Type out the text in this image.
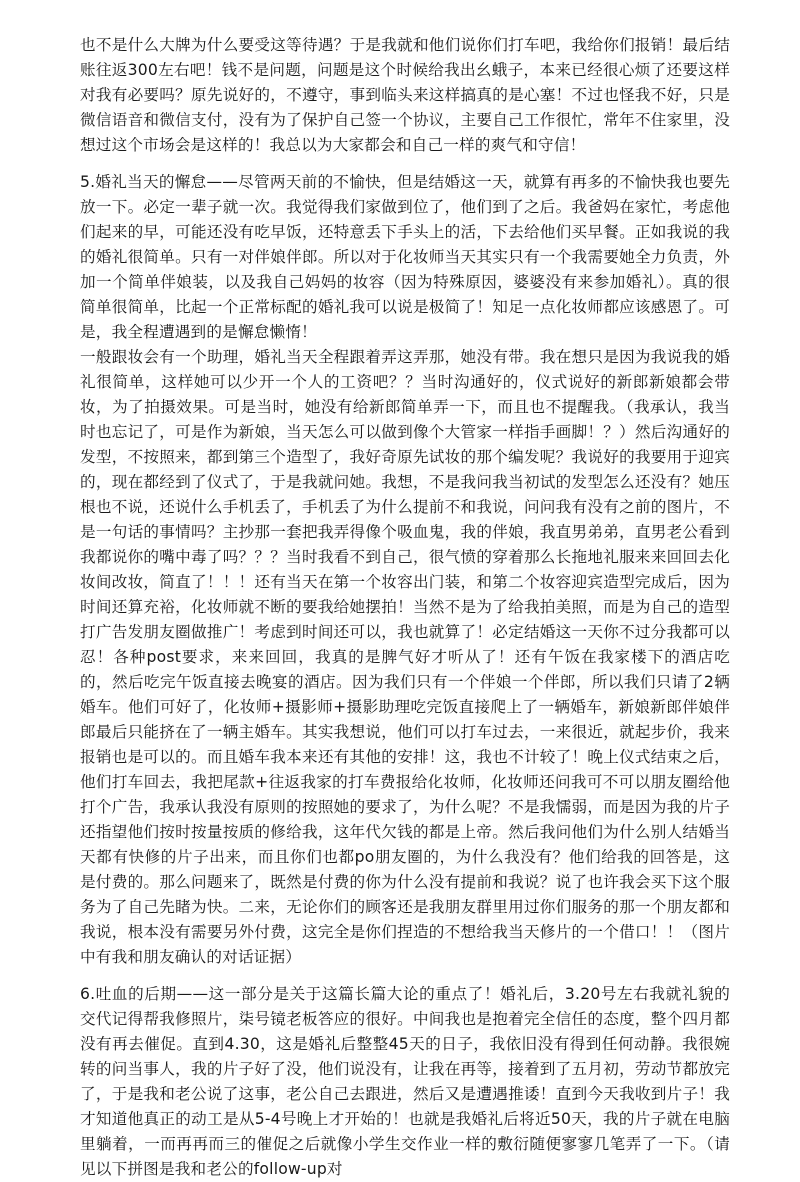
也不是什么大牌为什么要受这等待遇？于是我就和他们说你们打车吧，我给你们报销！最后结账往返300左右吧！钱不是问题，问题是这个时候给我出幺蛾子，本来已经很心烦了还要这样对我有必要吗？原先说好的，不遵守，事到临头来这样搞真的是心塞！不过也怪我不好，只是微信语音和微信支付，没有为了保护自己签一个协议，主要自己工作很忙，常年不住家里，没想过这个市场会是这样的！我总以为大家都会和自己一样的爽气和守信！

5.婚礼当天的懈怠——尽管两天前的不愉快，但是结婚这一天，就算有再多的不愉快我也要先放一下。必定一辈子就一次。我觉得我们家做到位了，他们到了之后。我爸妈在家忙，考虑他们起来的早，可能还没有吃早饭，还特意丢下手头上的活，下去给他们买早餐。正如我说的我的婚礼很简单。只有一对伴娘伴郎。所以对于化妆师当天其实只有一个我需要她全力负责，外加一个简单伴娘装，以及我自己妈妈的妆容（因为特殊原因，婆婆没有来参加婚礼）。真的很简单很简单，比起一个正常标配的婚礼我可以说是极简了！知足一点化妆师都应该感恩了。可是，我全程遭遇到的是懈怠懒惰！

一般跟妆会有一个助理，婚礼当天全程跟着弄这弄那，她没有带。我在想只是因为我说我的婚礼很简单，这样她可以少开一个人的工资吧？？当时沟通好的，仪式说好的新郎新娘都会带妆，为了拍摄效果。可是当时，她没有给新郎简单弄一下，而且也不提醒我。（我承认，我当时也忘记了，可是作为新娘，当天怎么可以做到像个大管家一样指手画脚！？）然后沟通好的发型，不按照来，都到第三个造型了，我好奇原先试妆的那个编发呢？我说好的我要用于迎宾的，现在都经到了仪式了，于是我就问她。我想，不是我问我当初试的发型怎么还没有？她压根也不说，还说什么手机丢了，手机丢了为什么提前不和我说，问问我有没有之前的图片，不是一句话的事情吗？主抄那一套把我弄得像个吸血鬼，我的伴娘，我直男弟弟，直男老公看到我都说你的嘴中毒了吗？？？当时我看不到自己，很气愤的穿着那么长拖地礼服来来回回去化妆间改妆，简直了！！！还有当天在第一个妆容出门装，和第二个妆容迎宾造型完成后，因为时间还算充裕，化妆师就不断的要我给她摆拍！当然不是为了给我拍美照，而是为自己的造型打广告发朋友圈做推广！考虑到时间还可以，我也就算了！必定结婚这一天你不过分我都可以忍！各种post要求，来来回回，我真的是脾气好才听从了！还有午饭在我家楼下的酒店吃的，然后吃完午饭直接去晚宴的酒店。因为我们只有一个伴娘一个伴郎，所以我们只请了2辆婚车。他们可好了，化妆师+摄影师+摄影助理吃完饭直接爬上了一辆婚车，新娘新郎伴娘伴郎最后只能挤在了一辆主婚车。其实我想说，他们可以打车过去，一来很近，就起步价，我来报销也是可以的。而且婚车我本来还有其他的安排！这，我也不计较了！晚上仪式结束之后，他们打车回去，我把尾款+往返我家的打车费报给化妆师，化妆师还问我可不可以朋友圈给他打个广告，我承认我没有原则的按照她的要求了，为什么呢？不是我懦弱，而是因为我的片子还指望他们按时按量按质的修给我，这年代欠钱的都是上帝。然后我问他们为什么别人结婚当天都有快修的片子出来，而且你们也都po朋友圈的，为什么我没有？他们给我的回答是，这是付费的。那么问题来了，既然是付费的你为什么没有提前和我说？说了也许我会买下这个服务为了自己先睹为快。二来，无论你们的顾客还是我朋友群里用过你们服务的那一个朋友都和我说，根本没有需要另外付费，这完全是你们捏造的不想给我当天修片的一个借口！！（图片中有我和朋友确认的对话证据）

6.吐血的后期——这一部分是关于这篇长篇大论的重点了！婚礼后，3.20号左右我就礼貌的交代记得帮我修照片，柒号镜老板答应的很好。中间我也是抱着完全信任的态度，整个四月都没有再去催促。直到4.30，这是婚礼后整整45天的日子，我依旧没有得到任何动静。我很婉转的问当事人，我的片子好了没，他们说没有，让我在再等，接着到了五月初，劳动节都放完了，于是我和老公说了这事，老公自己去跟进，然后又是遭遇推诿！直到今天我收到片子！我才知道他真正的动工是从5-4号晚上才开始的！也就是我婚礼后将近50天，我的片子就在电脑里躺着，一而再再而三的催促之后就像小学生交作业一样的敷衍随便寥寥几笔弄了一下。（请见以下拼图是我和老公的follow-up对
